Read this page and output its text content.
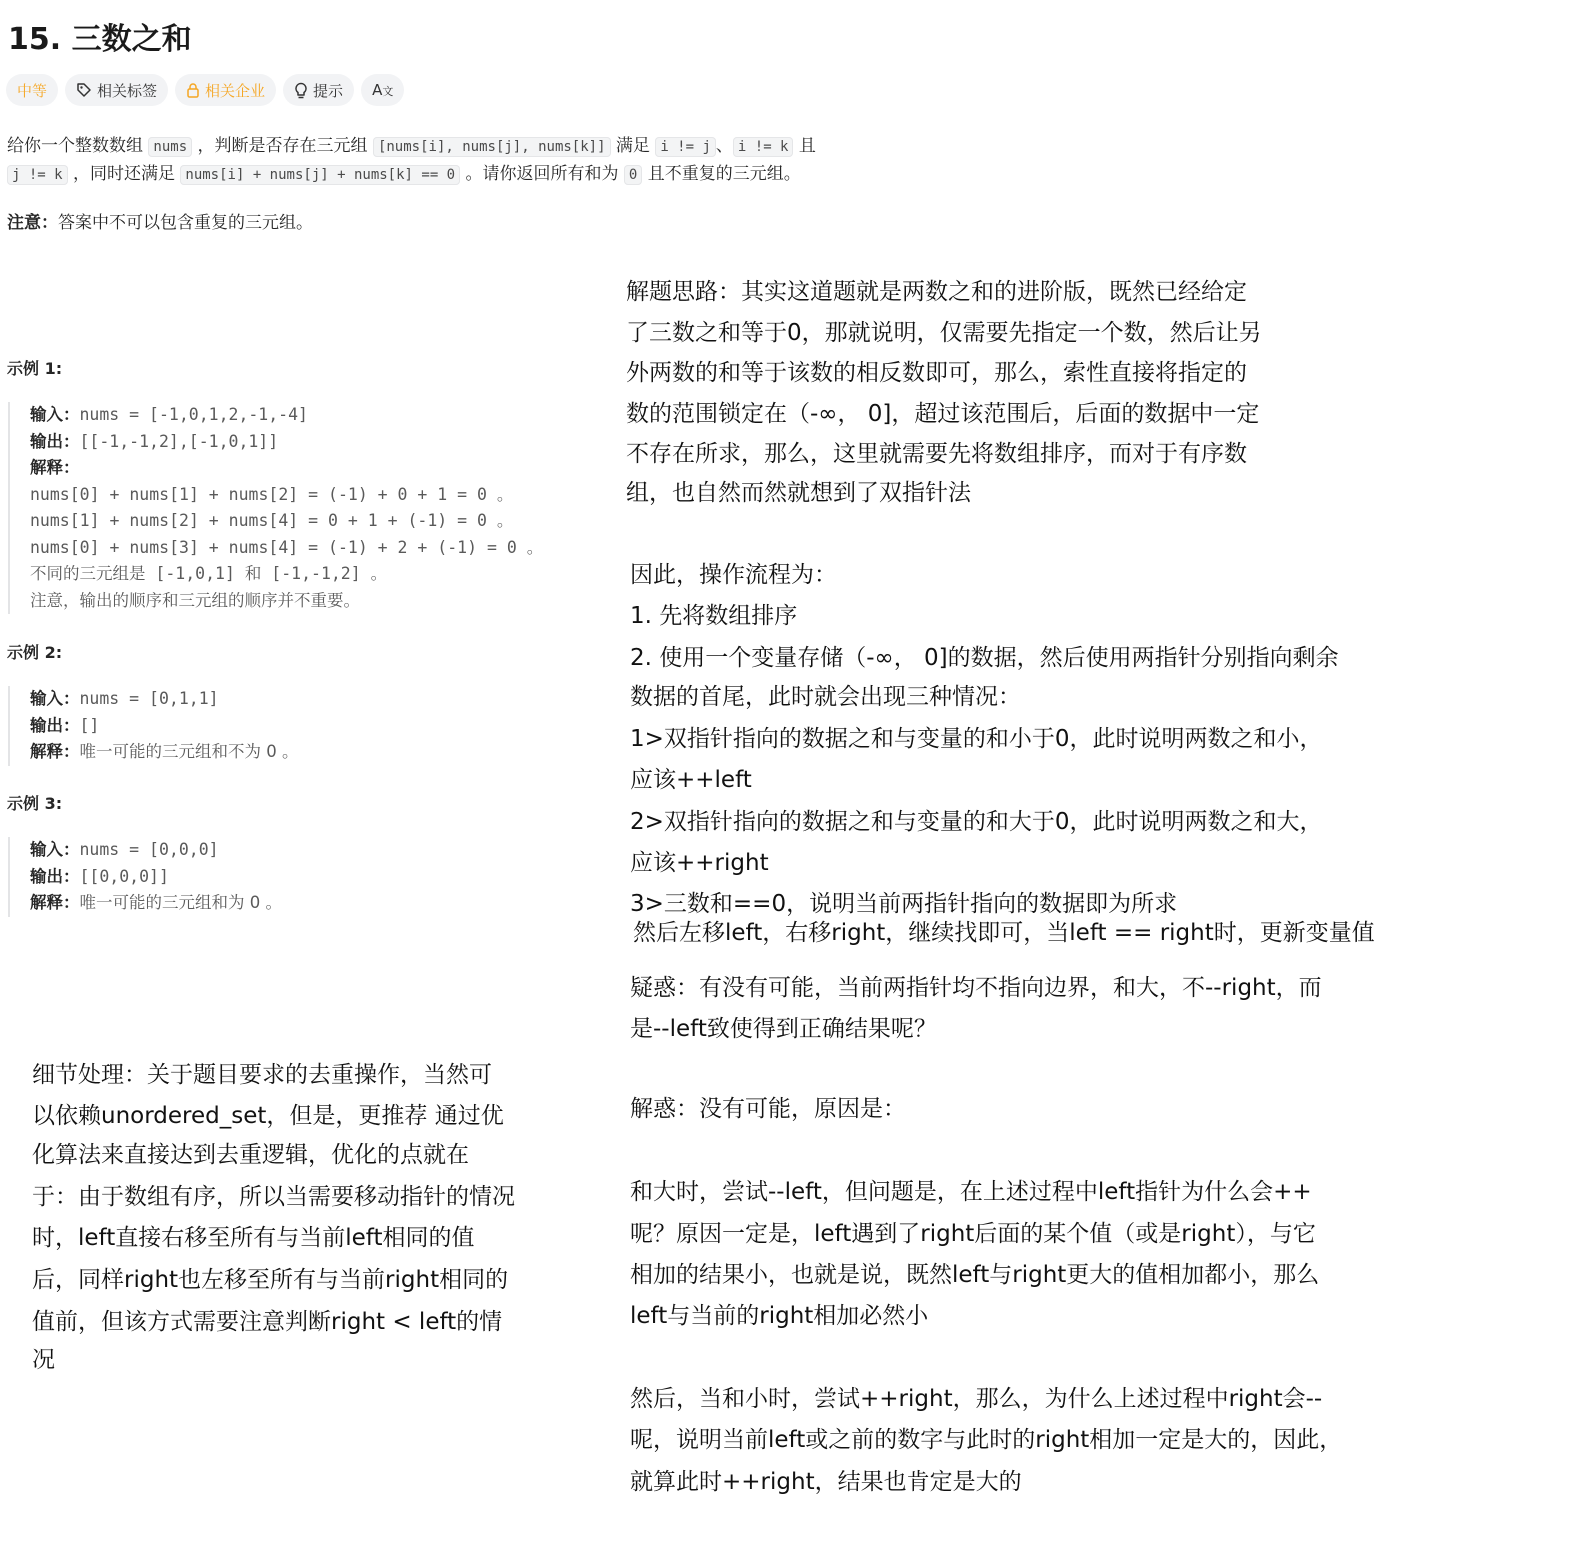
15. 三数之和
中等	相关标签	相关企业	提示 A 文
给你一个整数数组 nums ，判断是否存在三元组 [nums[i], nums[j], nums[k]] 满足 i != j 、 i != k 且
j != k ，同时还满足 nums[i] + nums[j] + nums[k] == 0 。请你返回所有和为 0 且不重复的三元组。
注意：答案中不可以包含重复的三元组。
示例 1:
输入：nums = [-1,0,1,2,-1,-4]
输出：[[-1,-1,2],[-1,0,1]]
解释：
nums[0] + nums[1] + nums[2] = (-1) + 0 + 1 = 0 。
nums[1] + nums[2] + nums[4] = 0 + 1 + (-1) = 0 。
nums[0] + nums[3] + nums[4] = (-1) + 2 + (-1) = 0 。
不同的三元组是 [-1,0,1] 和 [-1,-1,2] 。
注意，输出的顺序和三元组的顺序并不重要。
示例 2:
输入：nums = [0,1,1]
输出：[]
解释：唯一可能的三元组和不为 0 。
示例 3:
输入：nums = [0,0,0]
输出：[[0,0,0]]
解释：唯一可能的三元组和为 0 。
解题思路：其实这道题就是两数之和的进阶版，既然已经给定
了三数之和等于0，那就说明，仅需要先指定一个数，然后让另
外两数的和等于该数的相反数即可，那么，索性直接将指定的
数的范围锁定在（-∞， 0]，超过该范围后，后面的数据中一定
不存在所求，那么，这里就需要先将数组排序，而对于有序数
组，也自然而然就想到了双指针法
因此，操作流程为：
1. 先将数组排序
2. 使用一个变量存储（-∞， 0]的数据，然后使用两指针分别指向剩余
数据的首尾，此时就会出现三种情况：
1>双指针指向的数据之和与变量的和小于0，此时说明两数之和小，
应该++left
2>双指针指向的数据之和与变量的和大于0，此时说明两数之和大，
应该++right
3>三数和==0，说明当前两指针指向的数据即为所求
然后左移left，右移right，继续找即可，当left == right时，更新变量值
疑惑：有没有可能，当前两指针均不指向边界，和大，不--right，而
是--left致使得到正确结果呢？
解惑：没有可能，原因是：
和大时，尝试--left，但问题是，在上述过程中left指针为什么会++
呢？原因一定是，left遇到了right后面的某个值（或是right），与它
相加的结果小，也就是说，既然left与right更大的值相加都小，那么
left与当前的right相加必然小
然后，当和小时，尝试++right，那么，为什么上述过程中right会--
呢，说明当前left或之前的数字与此时的right相加一定是大的，因此，
就算此时++right，结果也肯定是大的
细节处理：关于题目要求的去重操作，当然可
以依赖unordered_set，但是，更推荐 通过优
化算法来直接达到去重逻辑，优化的点就在
于：由于数组有序，所以当需要移动指针的情况
时，left直接右移至所有与当前left相同的值
后，同样right也左移至所有与当前right相同的
值前，但该方式需要注意判断right < left的情
况
